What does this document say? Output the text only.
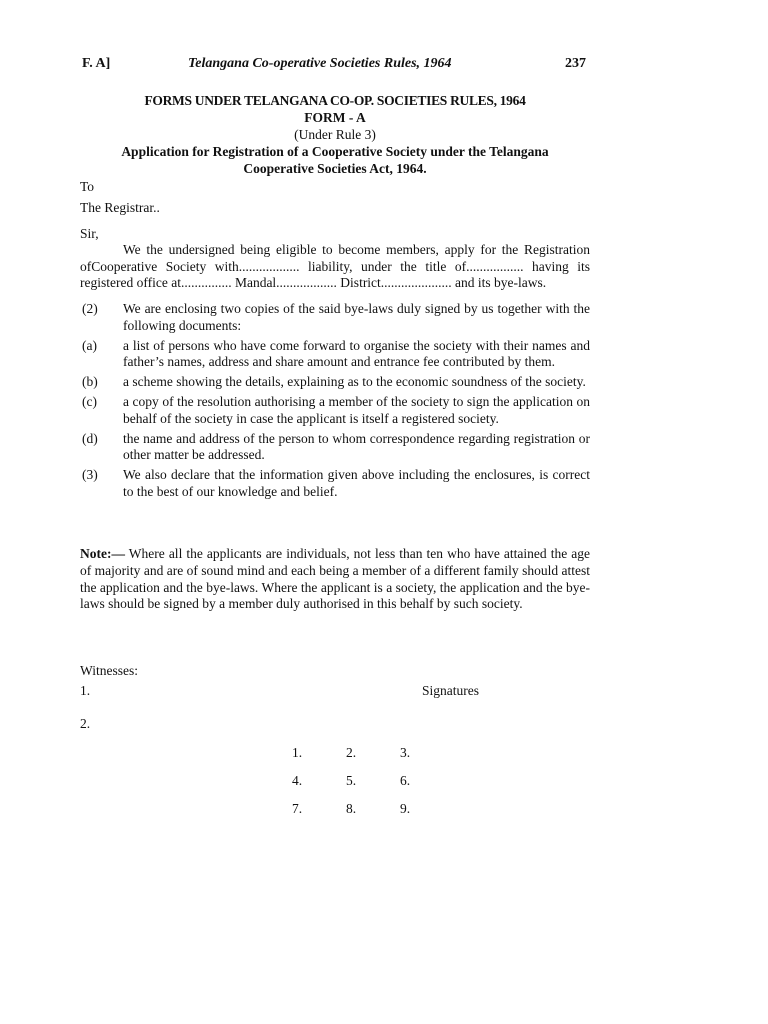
F. A]	Telangana Co-operative Societies Rules, 1964	237
FORMS UNDER TELANGANA CO-OP. SOCIETIES RULES, 1964
FORM - A
(Under Rule 3)
Application for Registration of a Cooperative Society under the Telangana
Cooperative Societies Act, 1964.
To
The Registrar..
Sir,
We the undersigned being eligible to become members, apply for the Registration ofCooperative Society with.................. liability, under the title of................. having its registered office at............... Mandal.................. District..................... and its bye-laws.
(2) We are enclosing two copies of the said bye-laws duly signed by us together with the following documents:
(a) a list of persons who have come forward to organise the society with their names and father’s names, address and share amount and entrance fee contributed by them.
(b) a scheme showing the details, explaining as to the economic soundness of the society.
(c) a copy of the resolution authorising a member of the society to sign the application on behalf of the society in case the applicant is itself a registered society.
(d) the name and address of the person to whom correspondence regarding registration or other matter be addressed.
(3) We also declare that the information given above including the enclosures, is correct to the best of our knowledge and belief.
Note:— Where all the applicants are individuals, not less than ten who have attained the age of majority and are of sound mind and each being a member of a different family should attest the application and the bye-laws. Where the applicant is a society, the application and the bye-laws should be signed by a member duly authorised in this behalf by such society.
Witnesses:
1.	Signatures
2.
1.	2.	3.
4.	5.	6.
7.	8.	9.
